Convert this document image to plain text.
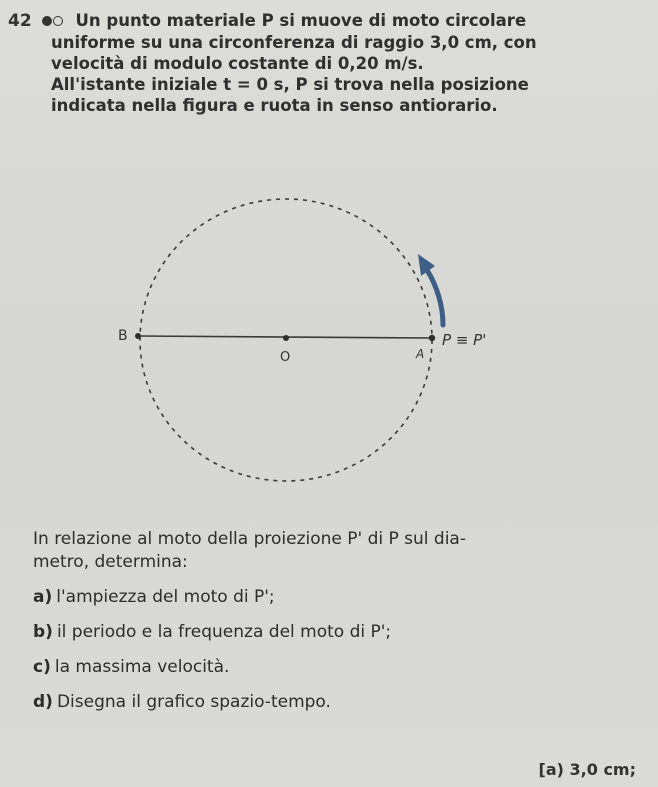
42	Un punto materiale P si muove di moto circolare
uniforme su una circonferenza di raggio 3,0 cm, con
velocità di modulo costante di 0,20 m/s.
All'istante iniziale t = 0 s, P si trova nella posizione
indicata nella figura e ruota in senso antiorario.
B
O	A
P ≡ P'
In relazione al moto della proiezione P' di P sul dia-
metro, determina:
a) l'ampiezza del moto di P';
b) il periodo e la frequenza del moto di P';
c) la massima velocità.
d) Disegna il grafico spazio-tempo.
[a) 3,0 cm;
